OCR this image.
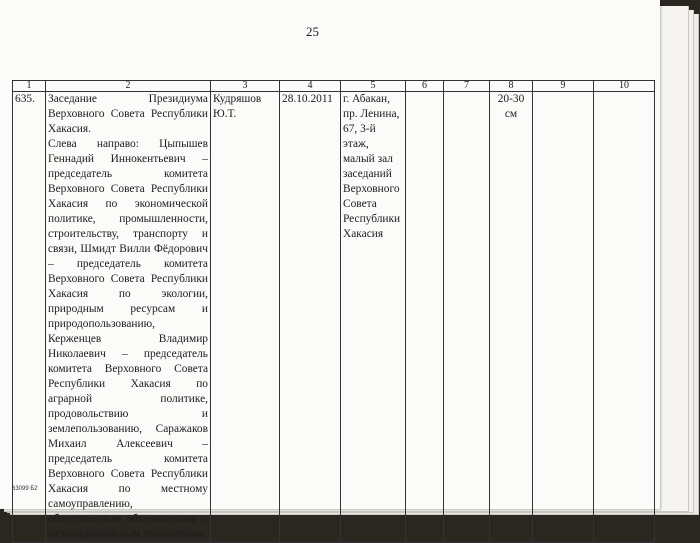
25
1	2	3	4	5	6	7	8	9	10
635.	Заседание Президиума Верховного Совета Республики Хакасия.
Слева направо: Цыпышев Геннадий Иннокентьевич – председатель комитета Верховного Совета Республики Хакасия по экономической политике, промышленности, строительству, транспорту и связи, Шмидт Вилли Фёдорович – председатель комитета Верховного Совета Республики Хакасия по экологии, природным ресурсам и природопользованию, Керженцев Владимир Николаевич – председатель комитета Верховного Совета Республики Хакасия по аграрной политике, продовольствию и землепользованию, Саражаков Михаил Алексеевич – председатель комитета Верховного Совета Республики Хакасия по местному самоуправлению, общественным объединениям и межнациональным отношениям	Кудряшов Ю.Т.	28.10.2011	г. Абакан, пр. Ленина, 67, 3-й этаж, малый зал заседаний Верховного Совета Республики Хакасия			20-30 см		
63099 Б2
